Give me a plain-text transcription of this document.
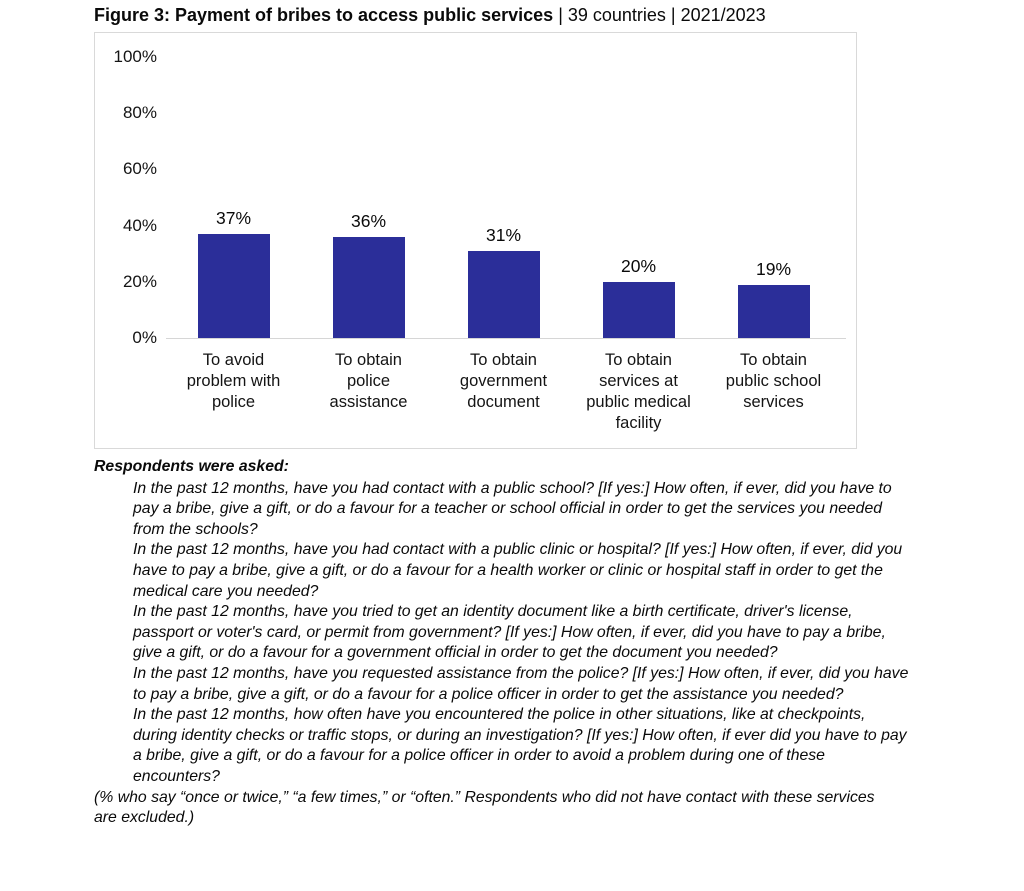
Figure 3: Payment of bribes to access public services | 39 countries | 2021/2023
100%
80%
60%
40%
20%
0%
37%
To avoid problem with police
36%
To obtain police assistance
31%
To obtain government document
20%
To obtain services at public medical facility
19%
To obtain public school services

Respondents were asked:

In the past 12 months, have you had contact with a public school? [If yes:] How often, if ever, did you have to pay a bribe, give a gift, or do a favour for a teacher or school official in order to get the services you needed from the schools?

In the past 12 months, have you had contact with a public clinic or hospital? [If yes:] How often, if ever, did you have to pay a bribe, give a gift, or do a favour for a health worker or clinic or hospital staff in order to get the medical care you needed?

In the past 12 months, have you tried to get an identity document like a birth certificate, driver's license, passport or voter's card, or permit from government? [If yes:] How often, if ever, did you have to pay a bribe, give a gift, or do a favour for a government official in order to get the document you needed?

In the past 12 months, have you requested assistance from the police? [If yes:] How often, if ever, did you have to pay a bribe, give a gift, or do a favour for a police officer in order to get the assistance you needed?

In the past 12 months, how often have you encountered the police in other situations, like at checkpoints, during identity checks or traffic stops, or during an investigation? [If yes:] How often, if ever did you have to pay a bribe, give a gift, or do a favour for a police officer in order to avoid a problem during one of these encounters?

(% who say “once or twice,” “a few times,” or “often.” Respondents who did not have contact with these services are excluded.)
